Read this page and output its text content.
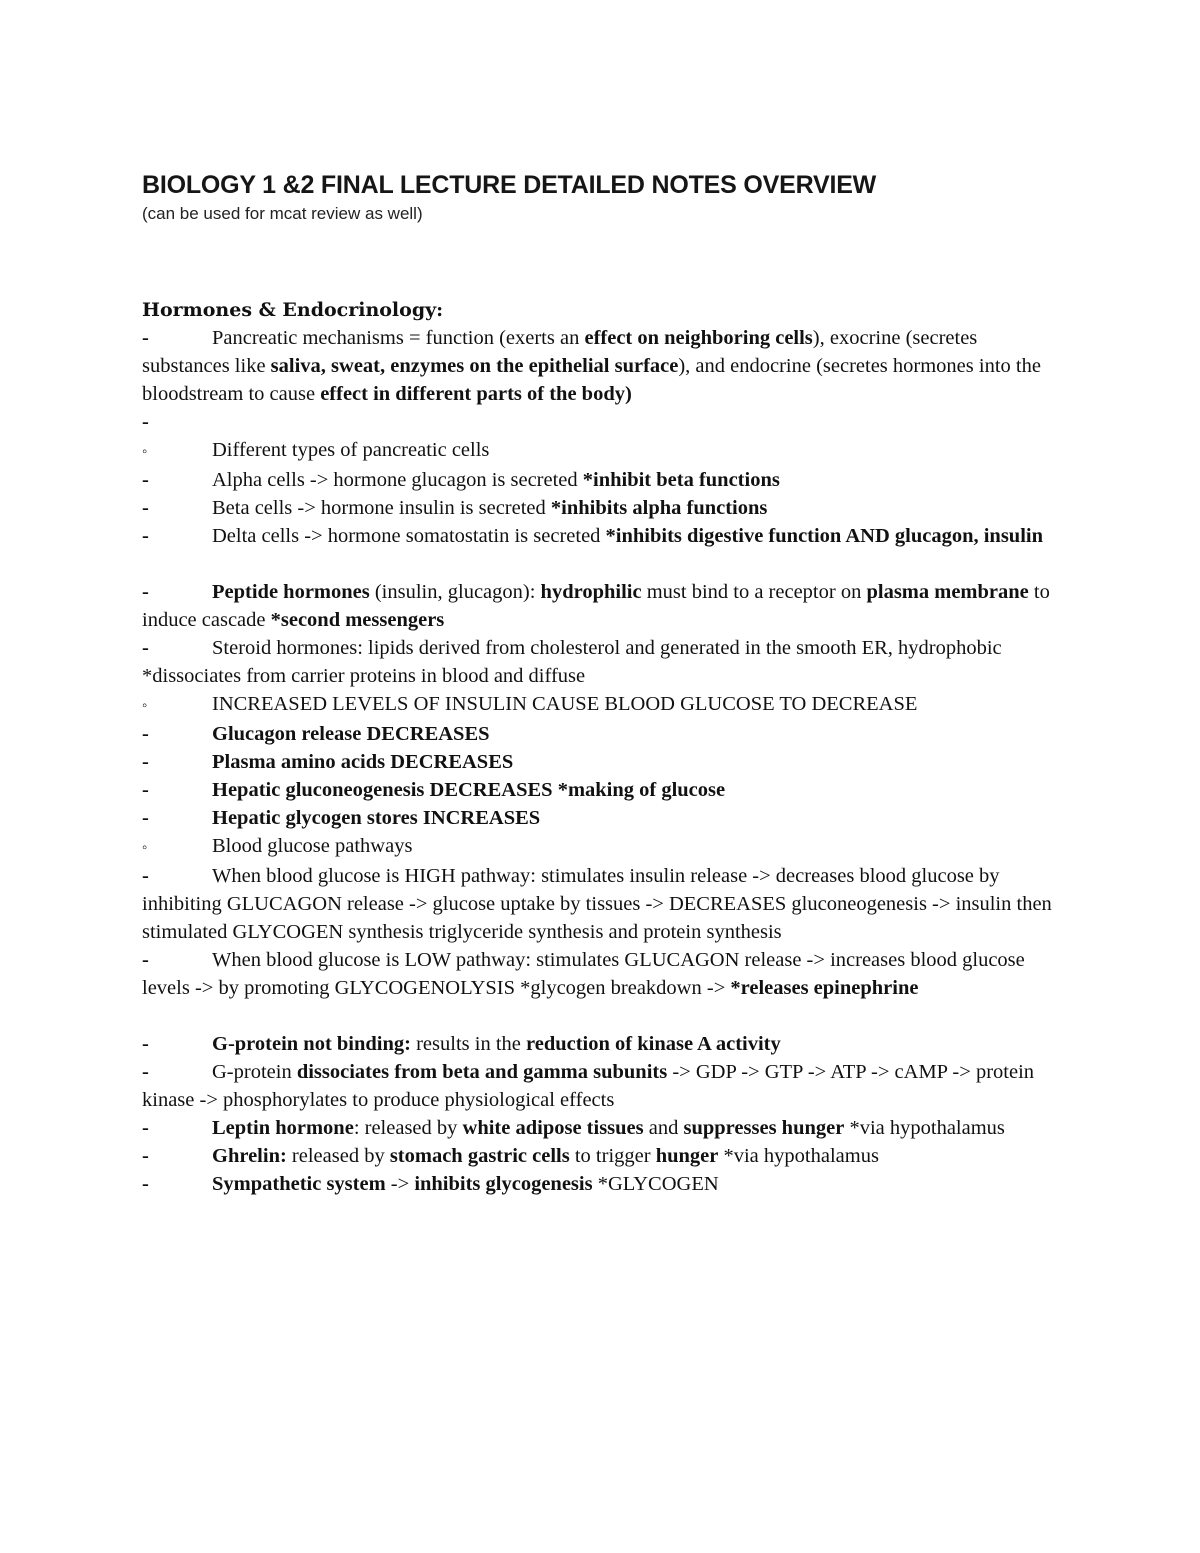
BIOLOGY 1 &2 FINAL LECTURE DETAILED NOTES OVERVIEW

(can be used for mcat review as well)

Hormones & Endocrinology:

-	Pancreatic mechanisms = function (exerts an effect on neighboring cells), exocrine (secretes substances like saliva, sweat, enzymes on the epithelial surface), and endocrine (secretes hormones into the bloodstream to cause effect in different parts of the body)

-

◦	Different types of pancreatic cells

-	Alpha cells -> hormone glucagon is secreted *inhibit beta functions

-	Beta cells -> hormone insulin is secreted *inhibits alpha functions

-	Delta cells -> hormone somatostatin is secreted *inhibits digestive function AND glucagon, insulin

-	Peptide hormones (insulin, glucagon): hydrophilic must bind to a receptor on plasma membrane to induce cascade *second messengers

-	Steroid hormones: lipids derived from cholesterol and generated in the smooth ER, hydrophobic *dissociates from carrier proteins in blood and diffuse

◦	INCREASED LEVELS OF INSULIN CAUSE BLOOD GLUCOSE TO DECREASE

-	Glucagon release DECREASES

-	Plasma amino acids DECREASES

-	Hepatic gluconeogenesis DECREASES *making of glucose

-	Hepatic glycogen stores INCREASES

◦	Blood glucose pathways

-	When blood glucose is HIGH pathway: stimulates insulin release -> decreases blood glucose by inhibiting GLUCAGON release -> glucose uptake by tissues -> DECREASES gluconeogenesis -> insulin then stimulated GLYCOGEN synthesis triglyceride synthesis and protein synthesis

-	When blood glucose is LOW pathway: stimulates GLUCAGON release -> increases blood glucose levels -> by promoting GLYCOGENOLYSIS *glycogen breakdown -> *releases epinephrine

-	G-protein not binding: results in the reduction of kinase A activity

-	G-protein dissociates from beta and gamma subunits -> GDP -> GTP -> ATP -> cAMP -> protein kinase -> phosphorylates to produce physiological effects

-	Leptin hormone: released by white adipose tissues and suppresses hunger *via hypothalamus

-	Ghrelin: released by stomach gastric cells to trigger hunger *via hypothalamus

-	Sympathetic system -> inhibits glycogenesis *GLYCOGEN
